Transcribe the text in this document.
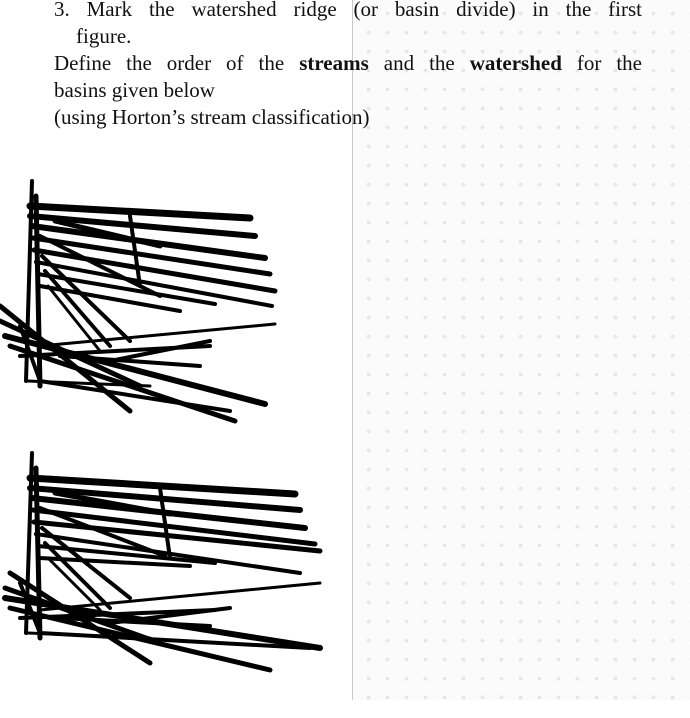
3. Mark the watershed ridge (or basin divide) in the first
figure.
Define the order of the streams and the watershed for the
basins given below
(using Horton’s stream classification)
